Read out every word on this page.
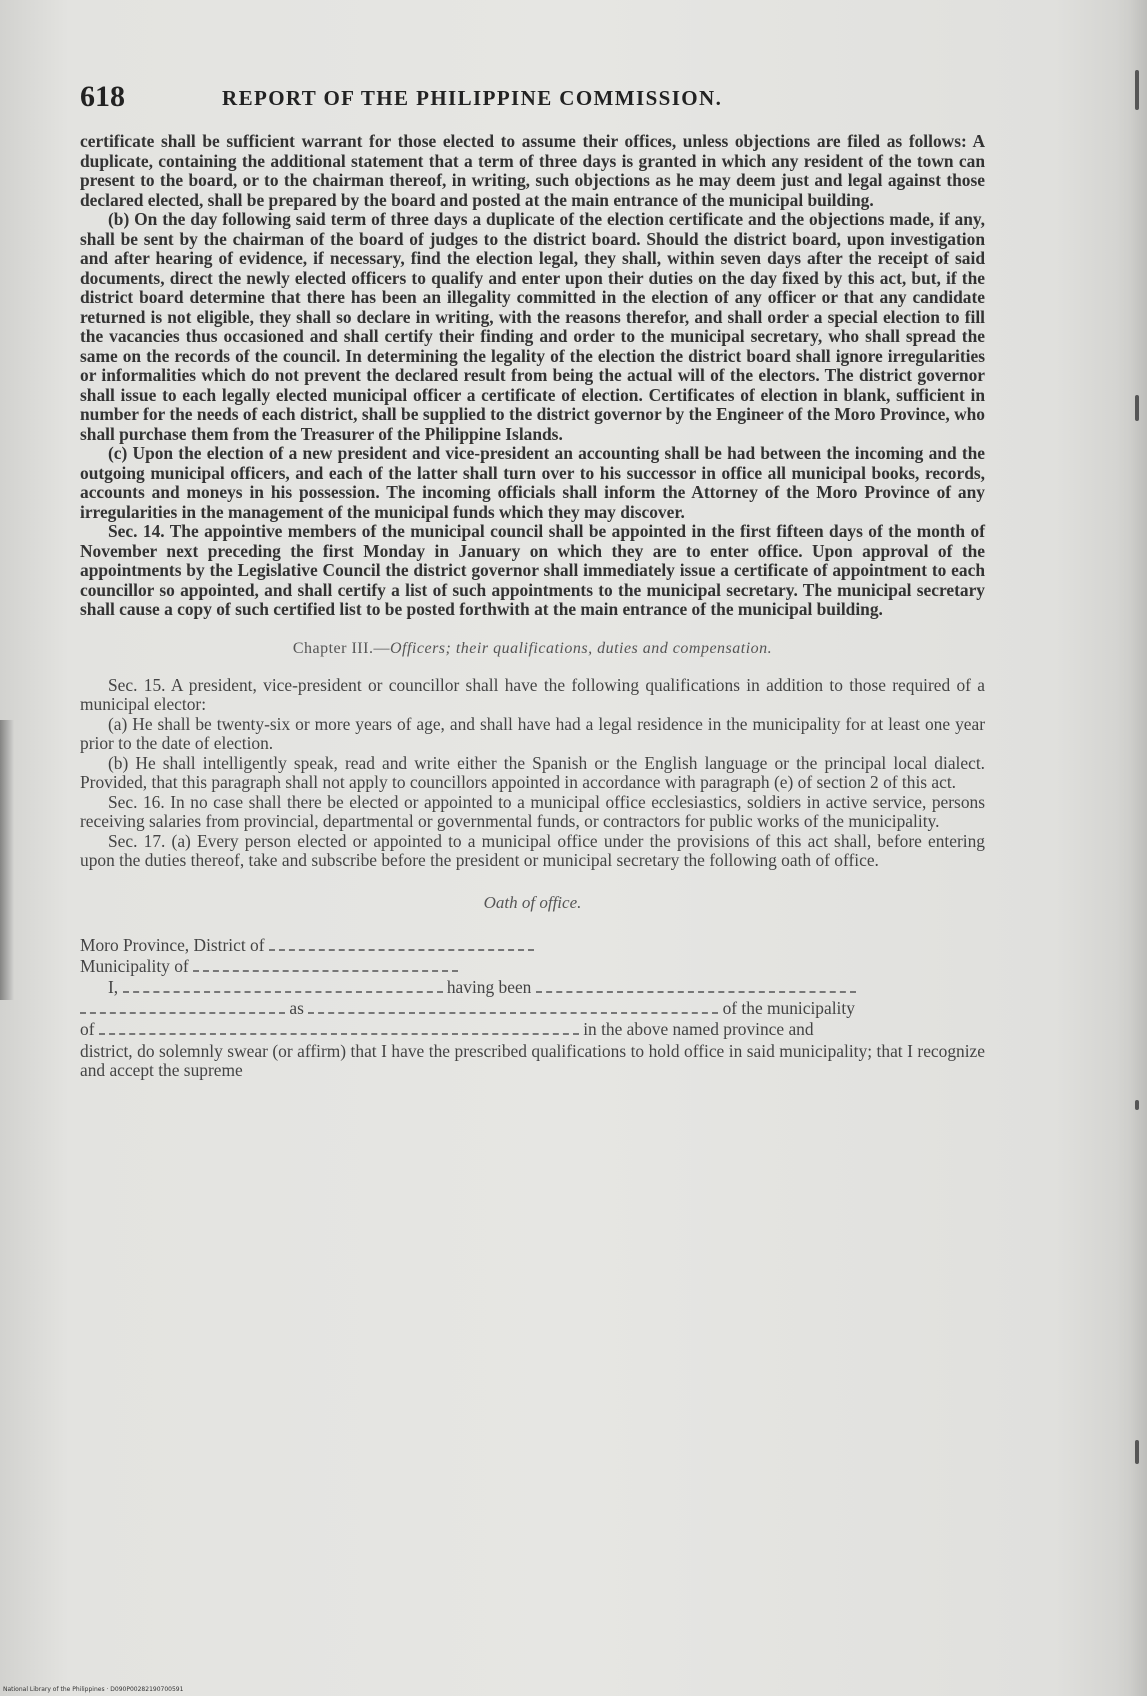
618	REPORT OF THE PHILIPPINE COMMISSION.

certificate shall be sufficient warrant for those elected to assume their offices, unless objections are filed as follows: A duplicate, containing the additional statement that a term of three days is granted in which any resident of the town can present to the board, or to the chairman thereof, in writing, such objections as he may deem just and legal against those declared elected, shall be prepared by the board and posted at the main entrance of the municipal building.

(b) On the day following said term of three days a duplicate of the election certificate and the objections made, if any, shall be sent by the chairman of the board of judges to the district board. Should the district board, upon investigation and after hearing of evidence, if necessary, find the election legal, they shall, within seven days after the receipt of said documents, direct the newly elected officers to qualify and enter upon their duties on the day fixed by this act, but, if the district board determine that there has been an illegality committed in the election of any officer or that any candidate returned is not eligible, they shall so declare in writing, with the reasons therefor, and shall order a special election to fill the vacancies thus occasioned and shall certify their finding and order to the municipal secretary, who shall spread the same on the records of the council. In determining the legality of the election the district board shall ignore irregularities or informalities which do not prevent the declared result from being the actual will of the electors. The district governor shall issue to each legally elected municipal officer a certificate of election. Certificates of election in blank, sufficient in number for the needs of each district, shall be supplied to the district governor by the Engineer of the Moro Province, who shall purchase them from the Treasurer of the Philippine Islands.

(c) Upon the election of a new president and vice-president an accounting shall be had between the incoming and the outgoing municipal officers, and each of the latter shall turn over to his successor in office all municipal books, records, accounts and moneys in his possession. The incoming officials shall inform the Attorney of the Moro Province of any irregularities in the management of the municipal funds which they may discover.

Sec. 14. The appointive members of the municipal council shall be appointed in the first fifteen days of the month of November next preceding the first Monday in January on which they are to enter office. Upon approval of the appointments by the Legislative Council the district governor shall immediately issue a certificate of appointment to each councillor so appointed, and shall certify a list of such appointments to the municipal secretary. The municipal secretary shall cause a copy of such certified list to be posted forthwith at the main entrance of the municipal building.

Chapter III.—Officers; their qualifications, duties and compensation.

Sec. 15. A president, vice-president or councillor shall have the following qualifications in addition to those required of a municipal elector:

(a) He shall be twenty-six or more years of age, and shall have had a legal residence in the municipality for at least one year prior to the date of election.

(b) He shall intelligently speak, read and write either the Spanish or the English language or the principal local dialect. Provided, that this paragraph shall not apply to councillors appointed in accordance with paragraph (e) of section 2 of this act.

Sec. 16. In no case shall there be elected or appointed to a municipal office ecclesiastics, soldiers in active service, persons receiving salaries from provincial, departmental or governmental funds, or contractors for public works of the municipality.

Sec. 17. (a) Every person elected or appointed to a municipal office under the provisions of this act shall, before entering upon the duties thereof, take and subscribe before the president or municipal secretary the following oath of office.

Oath of office.
Moro Province, District of
Municipality of
I,	having been
as	of the municipality
of	in the above named province and

district, do solemnly swear (or affirm) that I have the prescribed qualifications to hold office in said municipality; that I recognize and accept the supreme

National Library of the Philippines · D090P00282190700591
